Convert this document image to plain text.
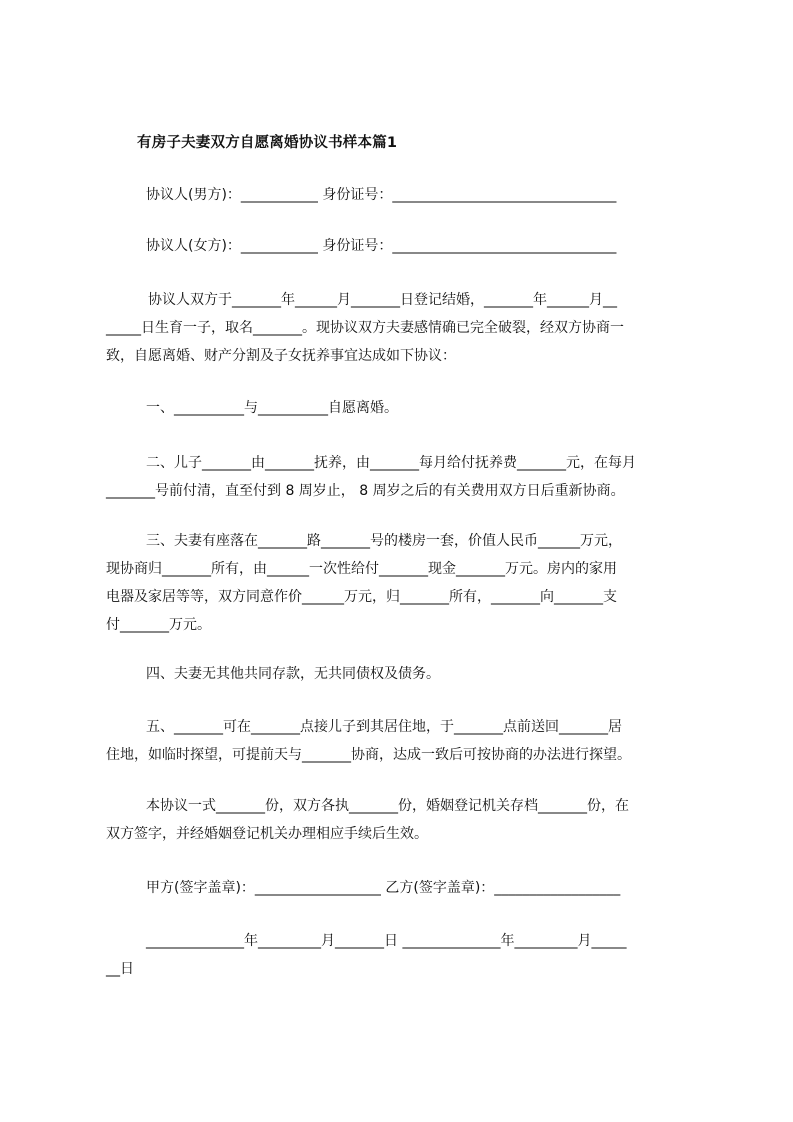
有房子夫妻双方自愿离婚协议书样本篇1
协议人(男方)：___________ 身份证号：________________________________
协议人(女方)：___________ 身份证号：________________________________

协议人双方于_______年______月_______日登记结婚，_______年______月__

_____日生育一子，取名_______。现协议双方夫妻感情确已完全破裂，经双方协商一

致，自愿离婚、财产分割及子女抚养事宜达成如下协议：

一、__________与__________自愿离婚。

二、儿子_______由_______抚养，由_______每月给付抚养费_______元，在每月

_______号前付清，直至付到 8 周岁止， 8 周岁之后的有关费用双方日后重新协商。

三、夫妻有座落在_______路_______号的楼房一套，价值人民币______万元，

现协商归_______所有，由______一次性给付_______现金_______万元。房内的家用

电器及家居等等，双方同意作价______万元，归_______所有，_______向_______支

付_______万元。

四、夫妻无其他共同存款，无共同债权及债务。

五、_______可在_______点接儿子到其居住地，于_______点前送回_______居

住地，如临时探望，可提前天与_______协商，达成一致后可按协商的办法进行探望。

本协议一式_______份，双方各执_______份，婚姻登记机关存档_______份，在

双方签字，并经婚姻登记机关办理相应手续后生效。

甲方(签字盖章)：__________________ 乙方(签字盖章)：__________________

______________年_________月_______日 ______________年_________月_____

__日
